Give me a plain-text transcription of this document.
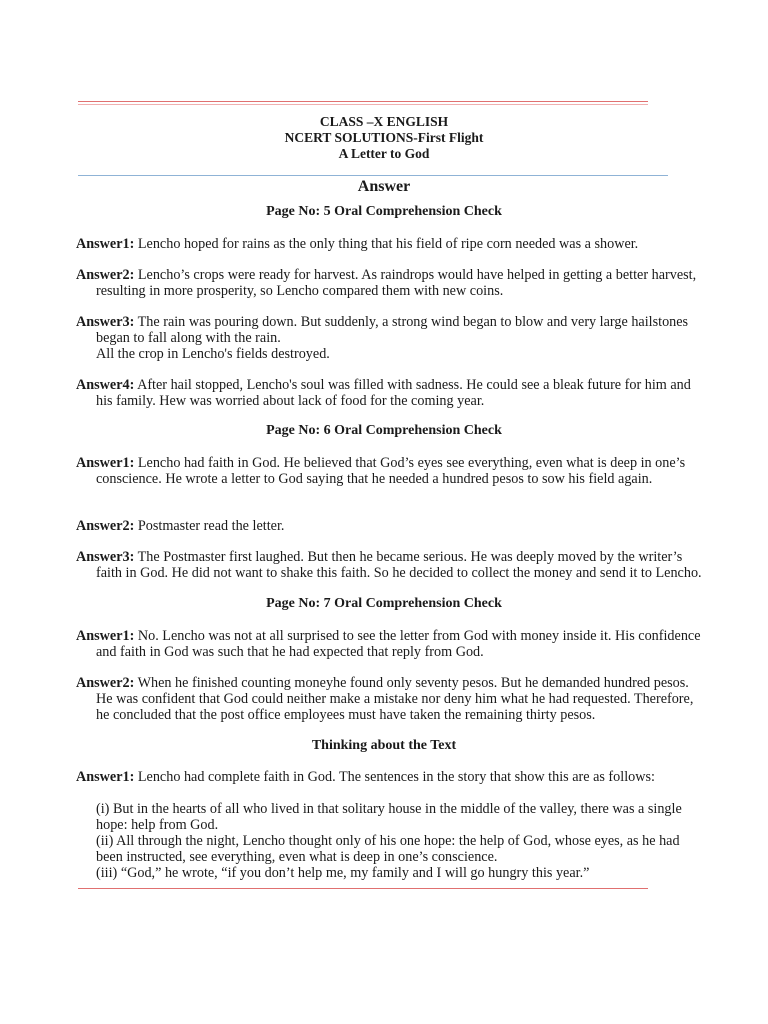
CLASS –X ENGLISH
NCERT SOLUTIONS-First Flight
A Letter to God
Answer
Page No: 5 Oral Comprehension Check
Answer1: Lencho hoped for rains as the only thing that his field of ripe corn needed was a shower.
Answer2: Lencho’s crops were ready for harvest. As raindrops would have helped in getting a better harvest, resulting in more prosperity, so Lencho compared them with new coins.
Answer3: The rain was pouring down. But suddenly, a strong wind began to blow and very large hailstones began to fall along with the rain.
All the crop in Lencho's fields destroyed.
Answer4: After hail stopped, Lencho's soul was filled with sadness. He could see a bleak future for him and his family. Hew was worried about lack of food for the coming year.
Page No: 6 Oral Comprehension Check
Answer1: Lencho had faith in God. He believed that God’s eyes see everything, even what is deep in one’s conscience. He wrote a letter to God saying that he needed a hundred pesos to sow his field again.
Answer2: Postmaster read the letter.
Answer3: The Postmaster first laughed. But then he became serious. He was deeply moved by the writer’s faith in God. He did not want to shake this faith. So he decided to collect the money and send it to Lencho.
Page No: 7 Oral Comprehension Check
Answer1: No. Lencho was not at all surprised to see the letter from God with money inside it. His confidence and faith in God was such that he had expected that reply from God.
Answer2: When he finished counting moneyhe found only seventy pesos. But he demanded hundred pesos. He was confident that God could neither make a mistake nor deny him what he had requested. Therefore, he concluded that the post office employees must have taken the remaining thirty pesos.
Thinking about the Text
Answer1: Lencho had complete faith in God. The sentences in the story that show this are as follows:
(i) But in the hearts of all who lived in that solitary house in the middle of the valley, there was a single hope: help from God.
(ii) All through the night, Lencho thought only of his one hope: the help of God, whose eyes, as he had been instructed, see everything, even what is deep in one’s conscience.
(iii) “God,” he wrote, “if you don’t help me, my family and I will go hungry this year.”
